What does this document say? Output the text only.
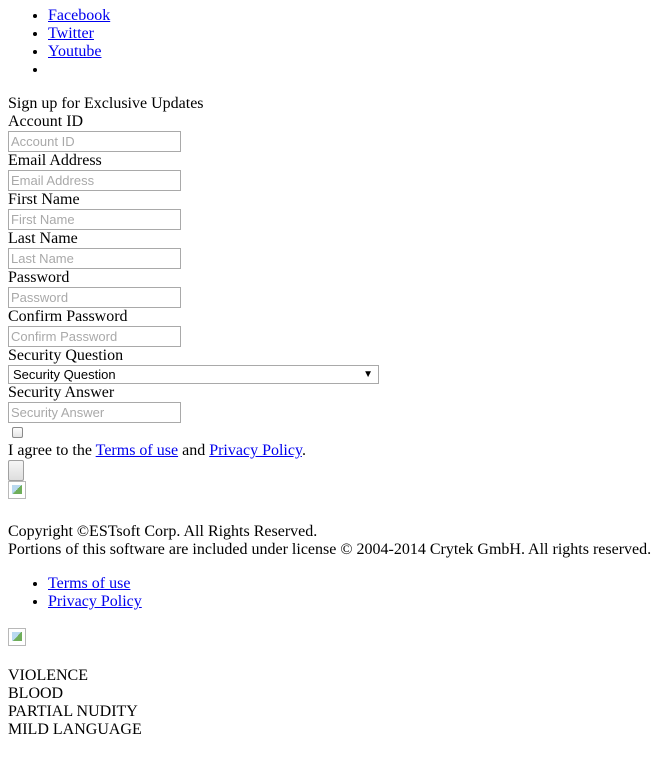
• Facebook
• Twitter
• Youtube
•
Sign up for Exclusive Updates
Account ID
Account ID
Email Address
Email Address
First Name
First Name
Last Name
Last Name
Password
Confirm Password
Security Question
Security Question	▼
Security Answer
Security Answer
I agree to the Terms of use and Privacy Policy.
Copyright ©ESTsoft Corp. All Rights Reserved.
Portions of this software are included under license © 2004-2014 Crytek GmbH. All rights reserved.
• Terms of use
• Privacy Policy
VIOLENCE
BLOOD
PARTIAL NUDITY
MILD LANGUAGE
